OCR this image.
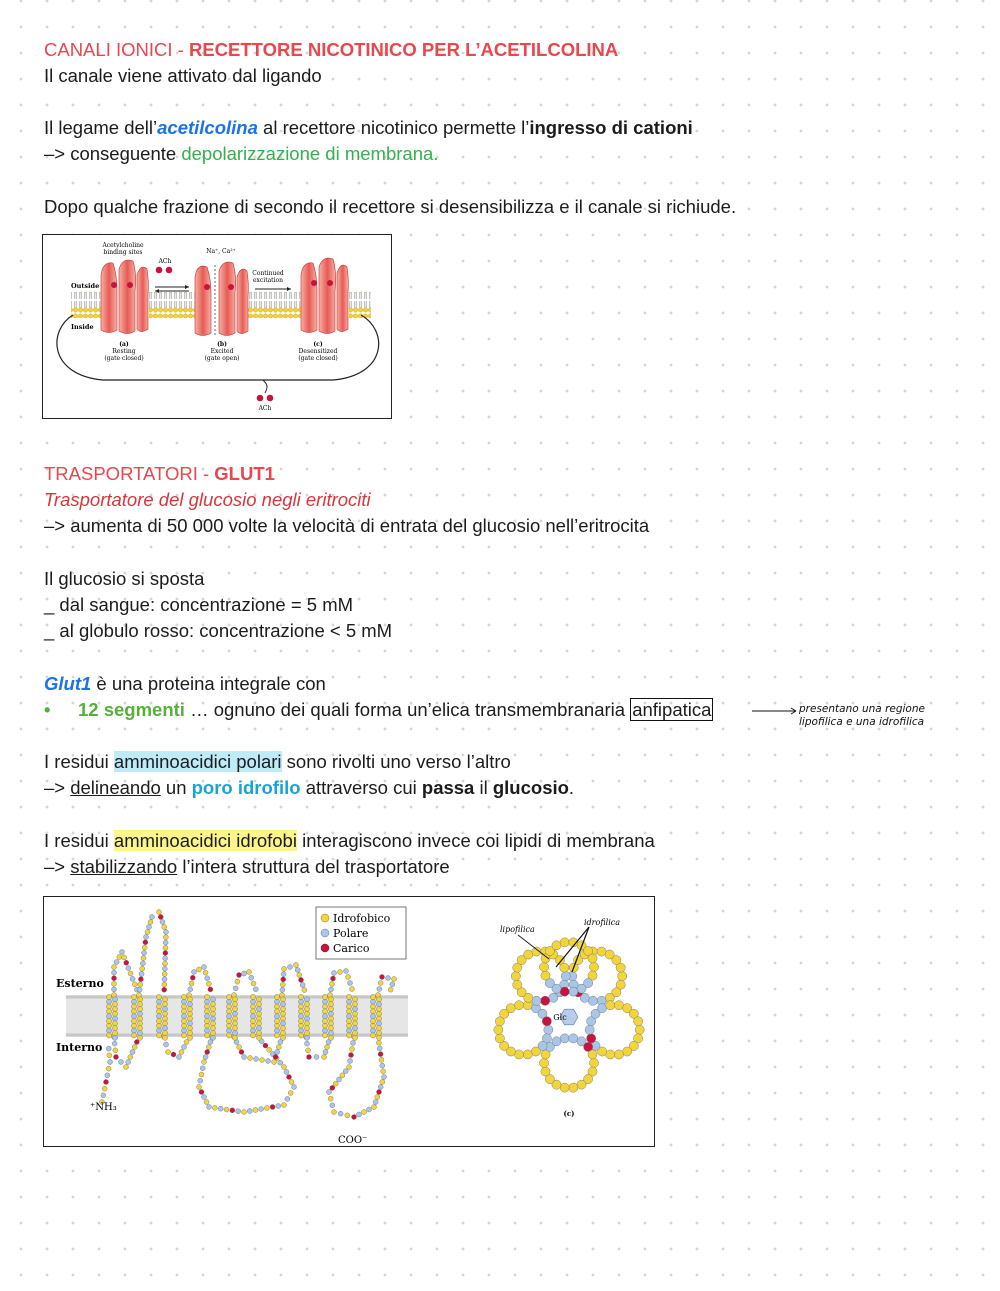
CANALI IONICI - RECETTORE NICOTINICO PER L’ACETILCOLINA
Il canale viene attivato dal ligando
Il legame dell’acetilcolina al recettore nicotinico permette l’ingresso di cationi
–> conseguente depolarizzazione di membrana.
Dopo qualche frazione di secondo il recettore si desensibilizza e il canale si richiude.
Acetylcholine
binding sites
ACh
Na⁺, Ca²⁺
Continued
excitation
Outside
Inside
(a)
Resting
(gate closed)
(b)
Excited
(gate open)
(c)
Desensitized
(gate closed)
ACh
TRASPORTATORI - GLUT1
Trasportatore del glucosio negli eritrociti
–> aumenta di 50 000 volte la velocità di entrata del glucosio nell’eritrocita
Il glucosio si sposta
_ dal sangue: concentrazione = 5 mM
_ al globulo rosso: concentrazione < 5 mM
Glut1 è una proteina integrale con
• 12 segmenti … ognuno dei quali forma un’elica transmembranaria anfipatica	presentano una regione
lipofilica e una idrofilica
I residui amminoacidici polari sono rivolti uno verso l’altro
–> delineando un poro idrofilo attraverso cui passa il glucosio.
I residui amminoacidici idrofobi interagiscono invece coi lipidi di membrana
–> stabilizzando l’intera struttura del trasportatore
Idrofobico
Polare
Carico
Esterno
Interno
⁺NH₃
COO⁻
lipofilica
idrofilica
Glc
(c)
